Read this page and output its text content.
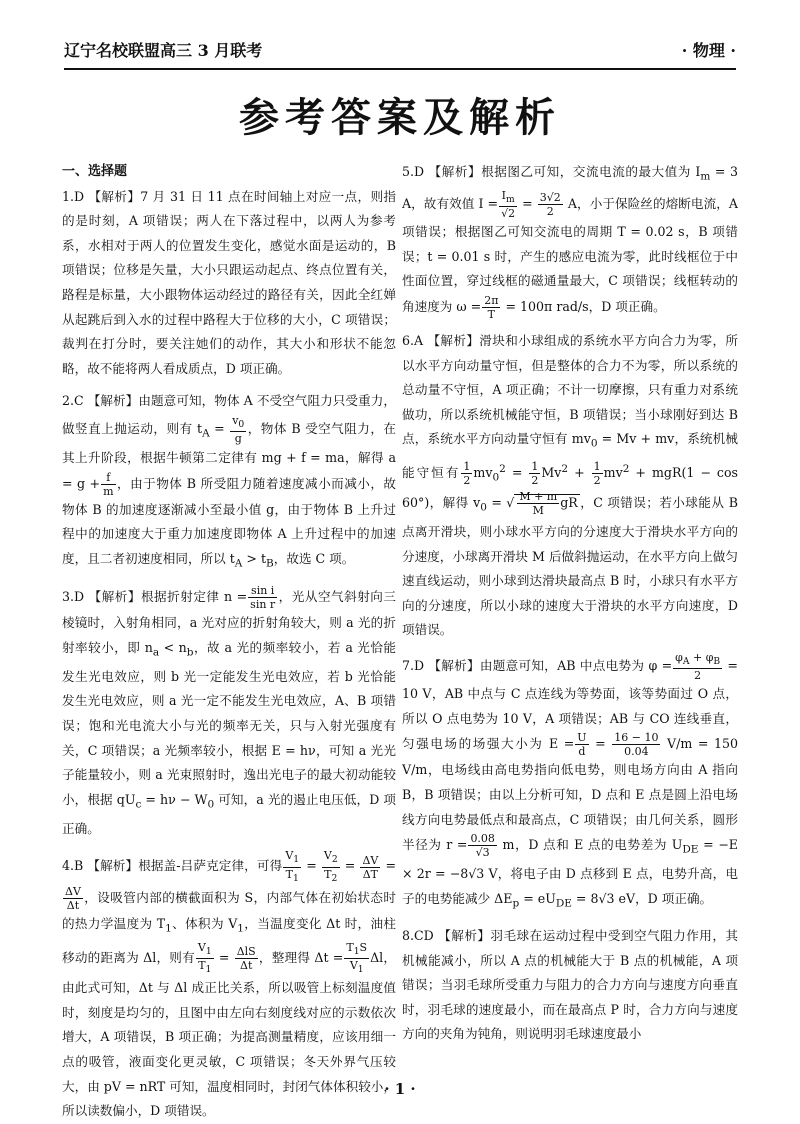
辽宁名校联盟高三 3 月联考	· 物理 ·
参考答案及解析
一、选择题

1.D 【解析】7 月 31 日 11 点在时间轴上对应一点，则指的是时刻，A 项错误；两人在下落过程中，以两人为参考系，水相对于两人的位置发生变化，感觉水面是运动的，B 项错误；位移是矢量，大小只跟运动起点、终点位置有关，路程是标量，大小跟物体运动经过的路径有关，因此全红婵从起跳后到入水的过程中路程大于位移的大小，C 项错误；裁判在打分时，要关注她们的动作，其大小和形状不能忽略，故不能将两人看成质点，D 项正确。

2.C 【解析】由题意可知，物体 A 不受空气阻力只受重力，做竖直上抛运动，则有 $t_A = \frac{v_0}{g}$ ，物体 B 受空气阻力，在其上升阶段，根据牛顿第二定律有 mg + f = ma，解得 $a = g + \frac{f}{m}$ ，由于物体 B 所受阻力随着速度减小而减小，故物体 B 的加速度逐渐减小至最小值 g，由于物体 B 上升过程中的加速度大于重力加速度即物体 A 上升过程中的加速度，且二者初速度相同，所以 $t_A > t_B$，故选 C 项。

3.D 【解析】根据折射定律 $n = \frac{\text{sin i}}{\text{sin r}}$ ，光从空气斜射向三棱镜时，入射角相同，a 光对应的折射角较大，则 a 光的折射率较小，即 $n_a < n_b$，故 a 光的频率较小，若 a 光恰能发生光电效应，则 b 光一定能发生光电效应，若 b 光恰能发生光电效应，则 a 光一定不能发生光电效应，A、B 项错误；饱和光电流大小与光的频率无关，只与入射光强度有关，C 项错误；a 光频率较小，根据 E = hν，可知 a 光光子能量较小，则 a 光束照射时，逸出光电子的最大初动能较小，根据 $qU_c = h\nu - W_0$ 可知，a 光的遏止电压低，D 项正确。

4.B 【解析】根据盖-吕萨克定律，可得 $\frac{V_1}{T_1} = \frac{V_2}{T_2} = \frac{\Delta V}{\Delta T}$ =
$\frac{\Delta V}{\Delta t}$ ，设吸管内部的横截面积为 S，内部气体在初始状态时的热力学温度为 $T_1$、体积为 $V_1$，当温度变化 Δt 时，油柱移动的距离为 Δl，则有 $\frac{V_1}{T_1} = \frac{\text{ΔlS}}{\Delta t}$ ，整理得 $\Delta t = \frac{T_1S}{V_1}$ Δl，由此式可知，Δt 与 Δl 成正比关系，所以吸管上标刻温度值时，刻度是均匀的，且图中由左向右刻度线对应的示数依次增大，A 项错误，B 项正确；为提高测量精度，应该用细一点的吸管，液面变化更灵敏，C 项错误；冬天外界气压较大，由 pV = nRT 可知，温度相同时，封闭气体体积较小，所以读数偏小，D 项错误。

5.D 【解析】根据图乙可知，交流电流的最大值为 $I_m = 3$ A，故有效值 $I = \frac{I_m}{√2} = \frac{3√2}{2}$ A，小于保险丝的熔断电流，A 项错误；根据图乙可知交流电的周期 T = 0.02 s，B 项错误；t = 0.01 s 时，产生的感应电流为零，此时线框位于中性面位置，穿过线框的磁通量最大，C 项错误；线框转动的角速度为 $\omega = \frac{2\pi}{T} = 100\pi$ rad/s，D 项正确。

6.A 【解析】滑块和小球组成的系统水平方向合力为零，所以水平方向动量守恒，但是整体的合力不为零，所以系统的总动量不守恒，A 项正确；不计一切摩擦，只有重力对系统做功，所以系统机械能守恒，B 项错误；当小球刚好到达 B 点，系统水平方向动量守恒有 $mv_0 = Mv$ + mv，系统机械能守恒有 $\frac{1}{2} mv_0^2 = \frac{1}{2} Mv^2 + \frac{1}{2} mv^2 + mgR(1 - \cos 60^\circ)$，解得 $v_0$ = √ $\frac{M + m}{M}$ gR ，C 项错误；若小球能从 B 点离开滑块，则小球水平方向的分速度大于滑块水平方向的分速度，小球离开滑块 M 后做斜抛运动，在水平方向上做匀速直线运动，则小球到达滑块最高点 B 时，小球只有水平方向的分速度，所以小球的速度大于滑块的水平方向速度，D 项错误。

7.D 【解析】由题意可知，AB 中点电势为 $\varphi = \frac{\varphi_A + \varphi_B}{2} = 10$ V，AB 中点与 C 点连线为等势面，该等势面过 O 点，所以 O 点电势为 10 V，A 项错误；AB 与 CO 连线垂直，匀强电场的场强大小为 $E = \frac{U}{d} = \frac{16 - 10}{0.04} V/m = 150$ V/m，电场线由高电势指向低电势，则电场方向由 A 指向 B，B 项错误；由以上分析可知，D 点和 E 点是圆上沿电场线方向电势最低点和最高点，C 项错误；由几何关系，圆形半径为 $r = \frac{0.08}{√3}$ m，D 点和 E 点的电势差为 $U_{DE} = -E \times 2r = -8√3$ V，将电子由 D 点移到 E 点，电势升高，电子的电势能减少 $\Delta E_p = eU_{DE} = 8√3$ eV，D 项正确。

8.CD 【解析】羽毛球在运动过程中受到空气阻力作用，其机械能减小，所以 A 点的机械能大于 B 点的机械能，A 项错误；当羽毛球所受重力与阻力的合力方向与速度方向垂直时，羽毛球的速度最小，而在最高点 P 时，合力方向与速度方向的夹角为钝角，则说明羽毛球速度最小

· 1 ·
